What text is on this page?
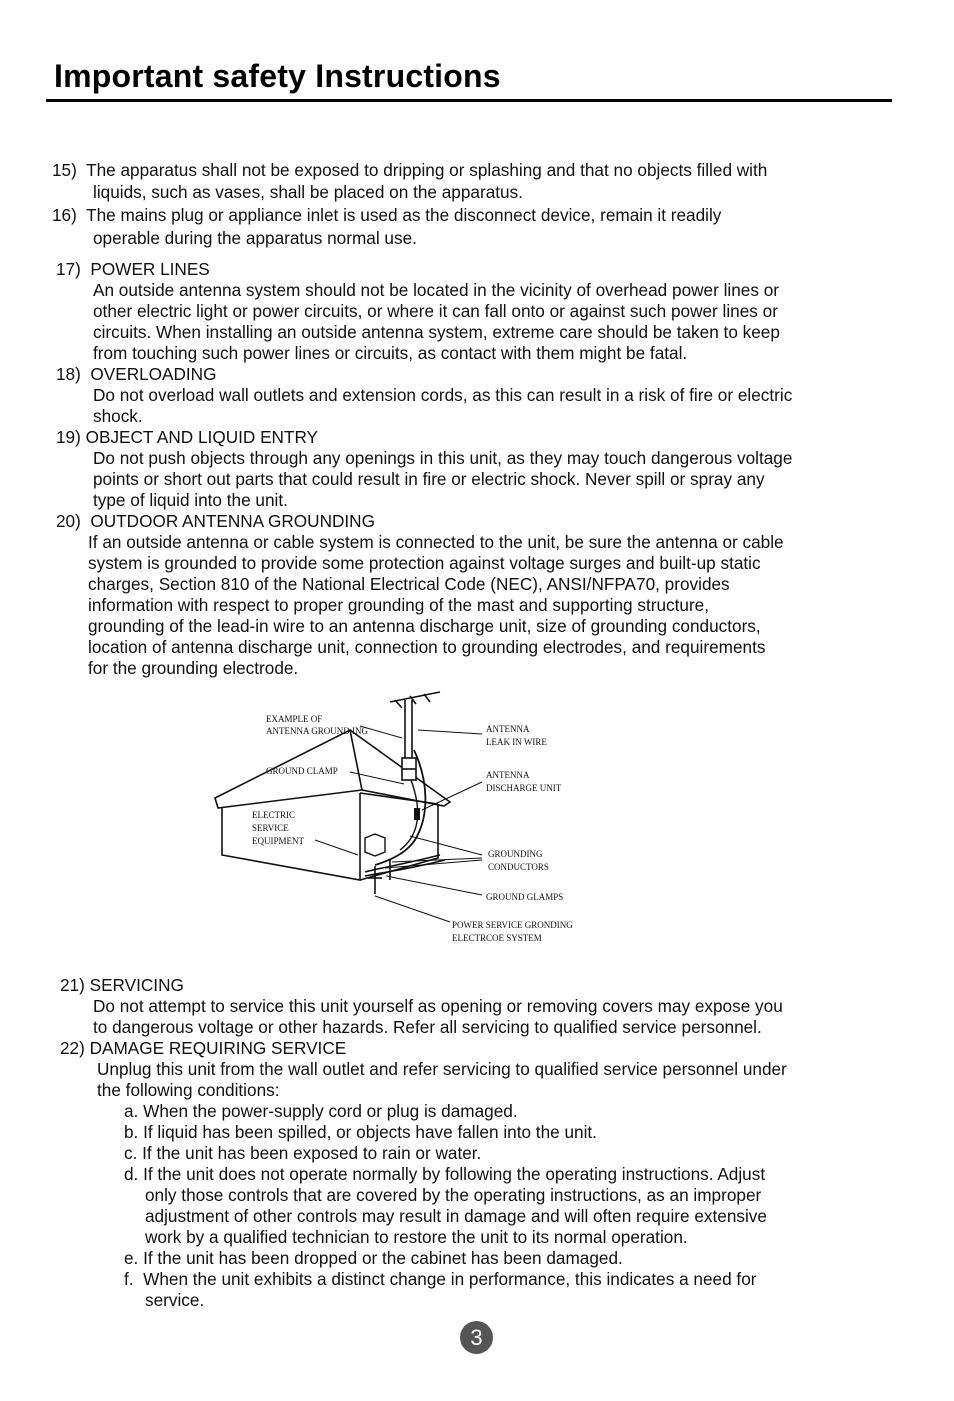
Important safety Instructions
15)  The apparatus shall not be exposed to dripping or splashing and that no objects filled with
liquids, such as vases, shall be placed on the apparatus.
16)  The mains plug or appliance inlet is used as the disconnect device, remain it readily
operable during the apparatus normal use.
17)  POWER LINES
An outside antenna system should not be located in the vicinity of overhead power lines or
other electric light or power circuits, or where it can fall onto or against such power lines or
circuits. When installing an outside antenna system, extreme care should be taken to keep
from touching such power lines or circuits, as contact with them might be fatal.
18)  OVERLOADING
Do not overload wall outlets and extension cords, as this can result in a risk of fire or electric
shock.
19) OBJECT AND LIQUID ENTRY
Do not push objects through any openings in this unit, as they may touch dangerous voltage
points or short out parts that could result in fire or electric shock. Never spill or spray any
type of liquid into the unit.
20)  OUTDOOR ANTENNA GROUNDING
If an outside antenna or cable system is connected to the unit, be sure the antenna or cable
system is grounded to provide some protection against voltage surges and built-up static
charges, Section 810 of the National Electrical Code (NEC), ANSI/NFPA70, provides
information with respect to proper grounding of the mast and supporting structure,
grounding of the lead-in wire to an antenna discharge unit, size of grounding conductors,
location of antenna discharge unit, connection to grounding electrodes, and requirements
for the grounding electrode.
EXAMPLE OF
ANTENNA GROUND ING
GROUND CLAMP
ELECTRIC
SERVICE
EQUIPMENT
ANTENNA
LEAK IN WIRE
ANTENNA
DISCHARGE UNIT
GROUNDING
CONDUCTORS
GROUND GLAMPS
POWER SERVICE GRONDING
ELECTRCOE SYSTEM
21) SERVICING
Do not attempt to service this unit yourself as opening or removing covers may expose you
to dangerous voltage or other hazards. Refer all servicing to qualified service personnel.
22) DAMAGE REQUIRING SERVICE
Unplug this unit from the wall outlet and refer servicing to qualified service personnel under
the following conditions:
a. When the power-supply cord or plug is damaged.
b. If liquid has been spilled, or objects have fallen into the unit.
c. If the unit has been exposed to rain or water.
d. If the unit does not operate normally by following the operating instructions. Adjust
only those controls that are covered by the operating instructions, as an improper
adjustment of other controls may result in damage and will often require extensive
work by a qualified technician to restore the unit to its normal operation.
e. If the unit has been dropped or the cabinet has been damaged.
f.  When the unit exhibits a distinct change in performance, this indicates a need for
service.
3
